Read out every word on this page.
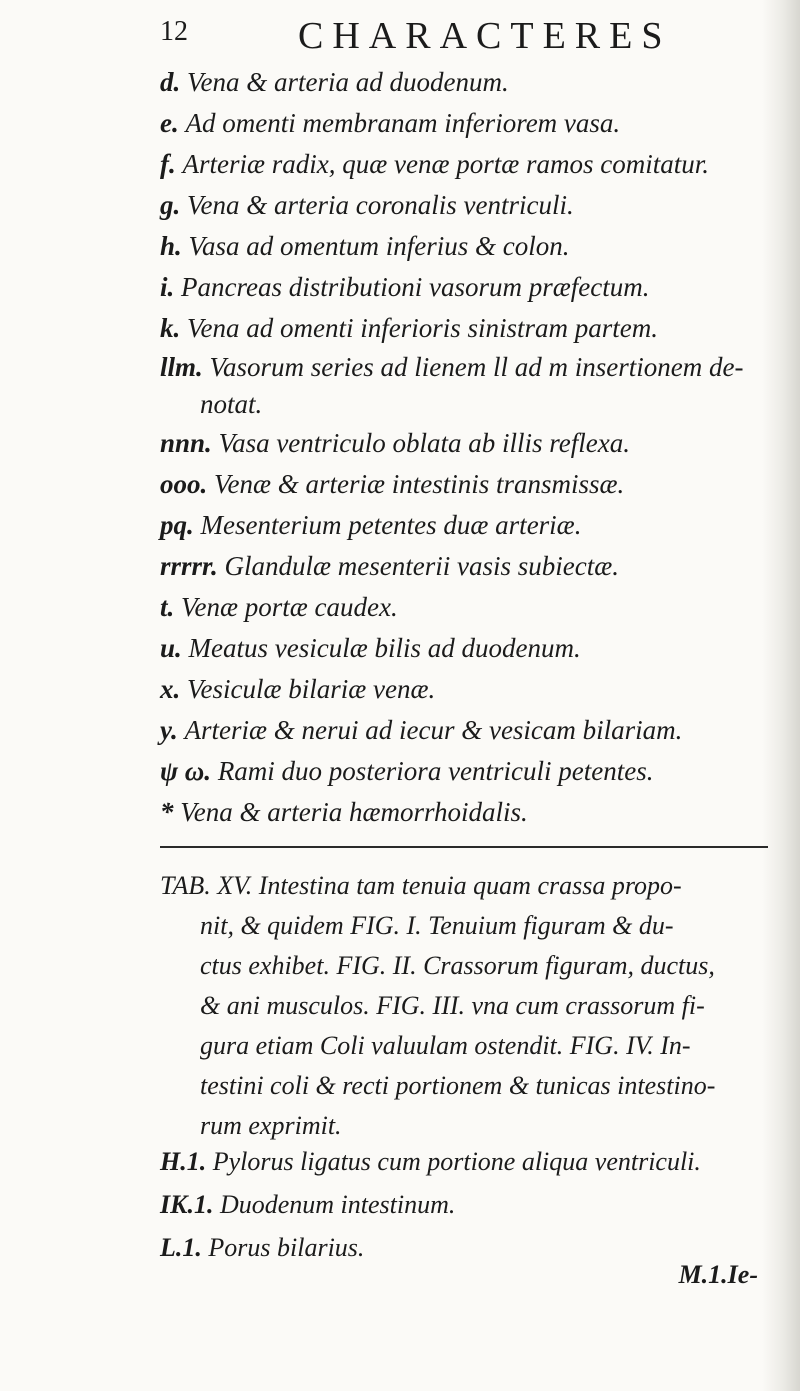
12	CHARACTERES
d. Vena & arteria ad duodenum.
e. Ad omenti membranam inferiorem vasa.
f. Arteriæ radix, quæ venæ portæ ramos comitatur.
g. Vena & arteria coronalis ventriculi.
h. Vasa ad omentum inferius & colon.
i. Pancreas distributioni vasorum præfectum.
k. Vena ad omenti inferioris sinistram partem.
llm. Vasorum series ad lienem ll ad m insertionem de-
notat.
nnn. Vasa ventriculo oblata ab illis reflexa.
ooo. Venæ & arteriæ intestinis transmissæ.
pq. Mesenterium petentes duæ arteriæ.
rrrrr. Glandulæ mesenterii vasis subiectæ.
t. Venæ portæ caudex.
u. Meatus vesiculæ bilis ad duodenum.
x. Vesiculæ bilariæ venæ.
y. Arteriæ & nerui ad iecur & vesicam bilariam.
ψ ω. Rami duo posteriora ventriculi petentes.
* Vena & arteria hæmorrhoidalis.
TAB. XV. Intestina tam tenuia quam crassa propo-
nit, & quidem FIG. I. Tenuium figuram & du-
ctus exhibet. FIG. II. Crassorum figuram, ductus,
& ani musculos. FIG. III. vna cum crassorum fi-
gura etiam Coli valuulam ostendit. FIG. IV. In-
testini coli & recti portionem & tunicas intestino-
rum exprimit.
H.1. Pylorus ligatus cum portione aliqua ventriculi.
IK.1. Duodenum intestinum.
L.1. Porus bilarius.
M.1.Ie-
